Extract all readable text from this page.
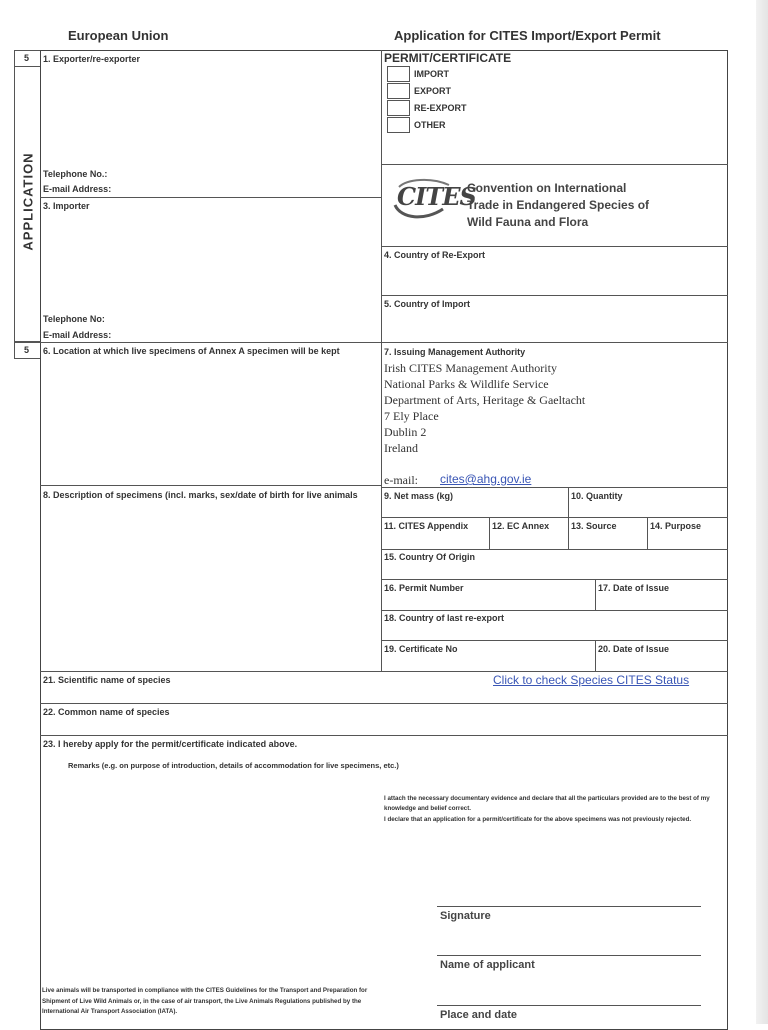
European Union	Application for CITES Import/Export Permit
5
APPLICATION
5
1. Exporter/re-exporter
Telephone No.:
E-mail Address:
PERMIT/CERTIFICATE
IMPORT
EXPORT
RE-EXPORT
OTHER
CITES
Convention on International
Trade in Endangered Species of
Wild Fauna and Flora
3. Importer
Telephone No:
E-mail Address:
4. Country of Re-Export
5. Country of Import
6. Location at which live specimens of Annex A specimen will be kept	7. Issuing Management Authority
Irish CITES Management Authority
National Parks & Wildlife Service
Department of Arts, Heritage & Gaeltacht
7 Ely Place
Dublin 2
Ireland
e-mail: cites@ahg.gov.ie
8. Description of specimens (incl. marks, sex/date of birth for live animals	9. Net mass (kg)	10. Quantity
11. CITES Appendix	12. EC Annex 13. Source	14. Purpose
15. Country Of Origin
16. Permit Number	17. Date of Issue
18. Country of last re-export
19. Certificate No	20. Date of Issue
21. Scientific name of species	Click to check Species CITES Status
22. Common name of species
23. I hereby apply for the permit/certificate indicated above.
Remarks (e.g. on purpose of introduction, details of accommodation for live specimens, etc.)
I attach the necessary documentary evidence and declare that all the particulars provided are to the best of my knowledge and belief correct.
I declare that an application for a permit/certificate for the above specimens was not previously rejected.
Signature
Name of applicant
Place and date
Live animals will be transported in compliance with the CITES Guidelines for the Transport and Preparation for Shipment of Live Wild Animals or, in the case of air transport, the Live Animals Regulations published by the International Air Transport Association (IATA).
